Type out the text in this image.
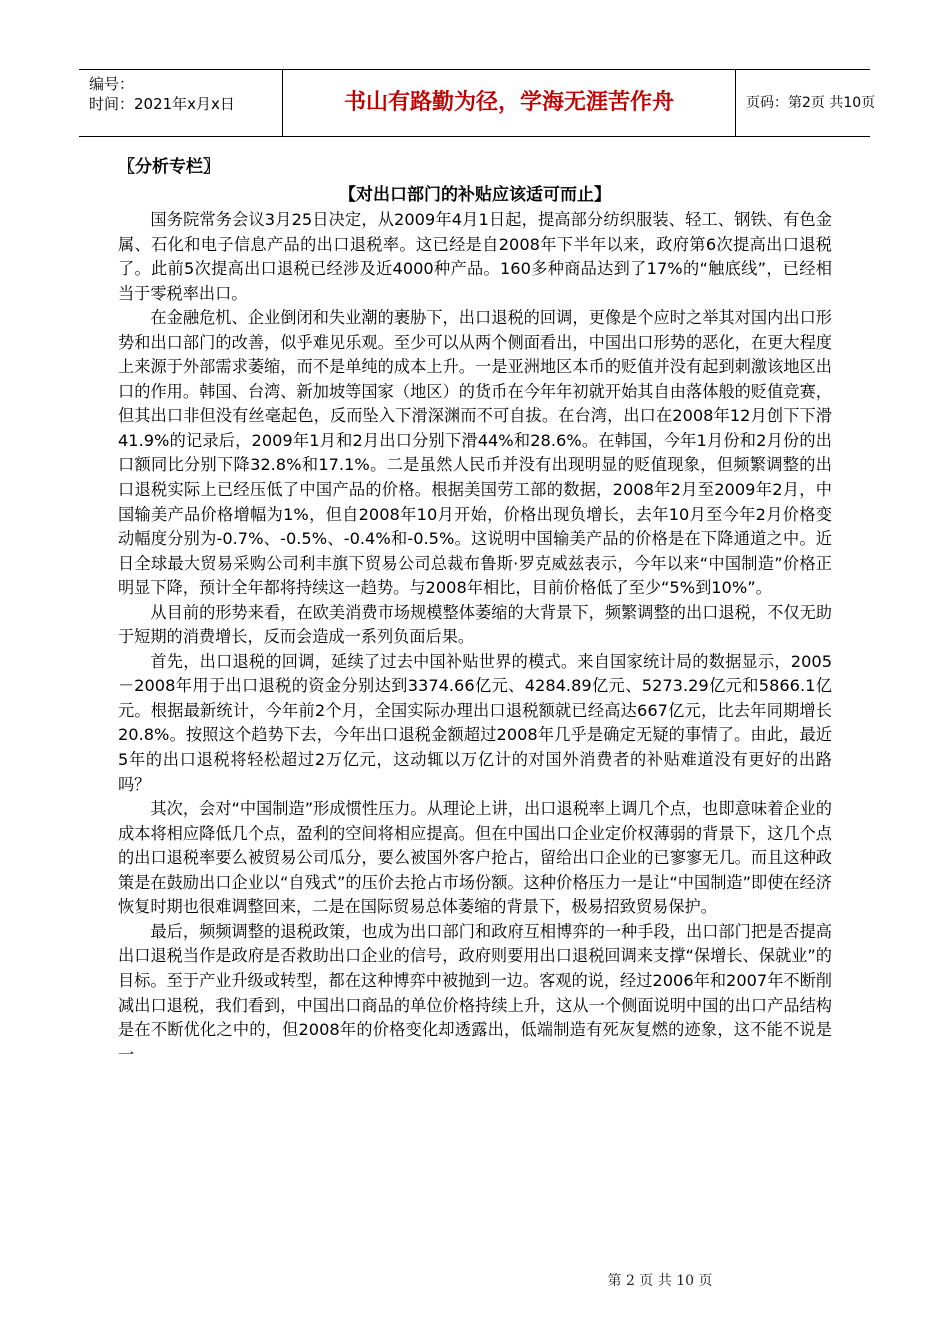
编号：
时间：2021年x月x日	书山有路勤为径，学海无涯苦作舟	页码：第2页 共10页
〖分析专栏〗
【对出口部门的补贴应该适可而止】

国务院常务会议3月25日决定，从2009年4月1日起，提高部分纺织服装、轻工、钢铁、有色金属、石化和电子信息产品的出口退税率。这已经是自2008年下半年以来，政府第6次提高出口退税了。此前5次提高出口退税已经涉及近4000种产品。160多种商品达到了17%的“触底线”，已经相当于零税率出口。

在金融危机、企业倒闭和失业潮的裹胁下，出口退税的回调，更像是个应时之举其对国内出口形势和出口部门的改善，似乎难见乐观。至少可以从两个侧面看出，中国出口形势的恶化，在更大程度上来源于外部需求萎缩，而不是单纯的成本上升。一是亚洲地区本币的贬值并没有起到刺激该地区出口的作用。韩国、台湾、新加坡等国家（地区）的货币在今年年初就开始其自由落体般的贬值竞赛，但其出口非但没有丝毫起色，反而坠入下滑深渊而不可自拔。在台湾，出口在2008年12月创下下滑41.9%的记录后，2009年1月和2月出口分别下滑44%和28.6%。在韩国，今年1月份和2月份的出口额同比分别下降32.8%和17.1%。二是虽然人民币并没有出现明显的贬值现象，但频繁调整的出口退税实际上已经压低了中国产品的价格。根据美国劳工部的数据，2008年2月至2009年2月，中国输美产品价格增幅为1%，但自2008年10月开始，价格出现负增长，去年10月至今年2月价格变动幅度分别为-0.7%、-0.5%、-0.4%和-0.5%。这说明中国输美产品的价格是在下降通道之中。近日全球最大贸易采购公司利丰旗下贸易公司总裁布鲁斯·罗克威兹表示，今年以来“中国制造”价格正明显下降，预计全年都将持续这一趋势。与2008年相比，目前价格低了至少“5%到10%”。

从目前的形势来看，在欧美消费市场规模整体萎缩的大背景下，频繁调整的出口退税，不仅无助于短期的消费增长，反而会造成一系列负面后果。

首先，出口退税的回调，延续了过去中国补贴世界的模式。来自国家统计局的数据显示，2005－2008年用于出口退税的资金分别达到3374.66亿元、4284.89亿元、5273.29亿元和5866.1亿元。根据最新统计，今年前2个月，全国实际办理出口退税额就已经高达667亿元，比去年同期增长20.8%。按照这个趋势下去，今年出口退税金额超过2008年几乎是确定无疑的事情了。由此，最近5年的出口退税将轻松超过2万亿元，这动辄以万亿计的对国外消费者的补贴难道没有更好的出路吗？

其次，会对“中国制造”形成惯性压力。从理论上讲，出口退税率上调几个点，也即意味着企业的成本将相应降低几个点，盈利的空间将相应提高。但在中国出口企业定价权薄弱的背景下，这几个点的出口退税率要么被贸易公司瓜分，要么被国外客户抢占，留给出口企业的已寥寥无几。而且这种政策是在鼓励出口企业以“自残式”的压价去抢占市场份额。这种价格压力一是让“中国制造”即使在经济恢复时期也很难调整回来，二是在国际贸易总体萎缩的背景下，极易招致贸易保护。

最后，频频调整的退税政策，也成为出口部门和政府互相博弈的一种手段，出口部门把是否提高出口退税当作是政府是否救助出口企业的信号，政府则要用出口退税回调来支撑“保增长、保就业”的目标。至于产业升级或转型，都在这种博弈中被抛到一边。客观的说，经过2006年和2007年不断削减出口退税，我们看到，中国出口商品的单位价格持续上升，这从一个侧面说明中国的出口产品结构是在不断优化之中的，但2008年的价格变化却透露出，低端制造有死灰复燃的迹象，这不能不说是一

第 2 页 共 10 页
